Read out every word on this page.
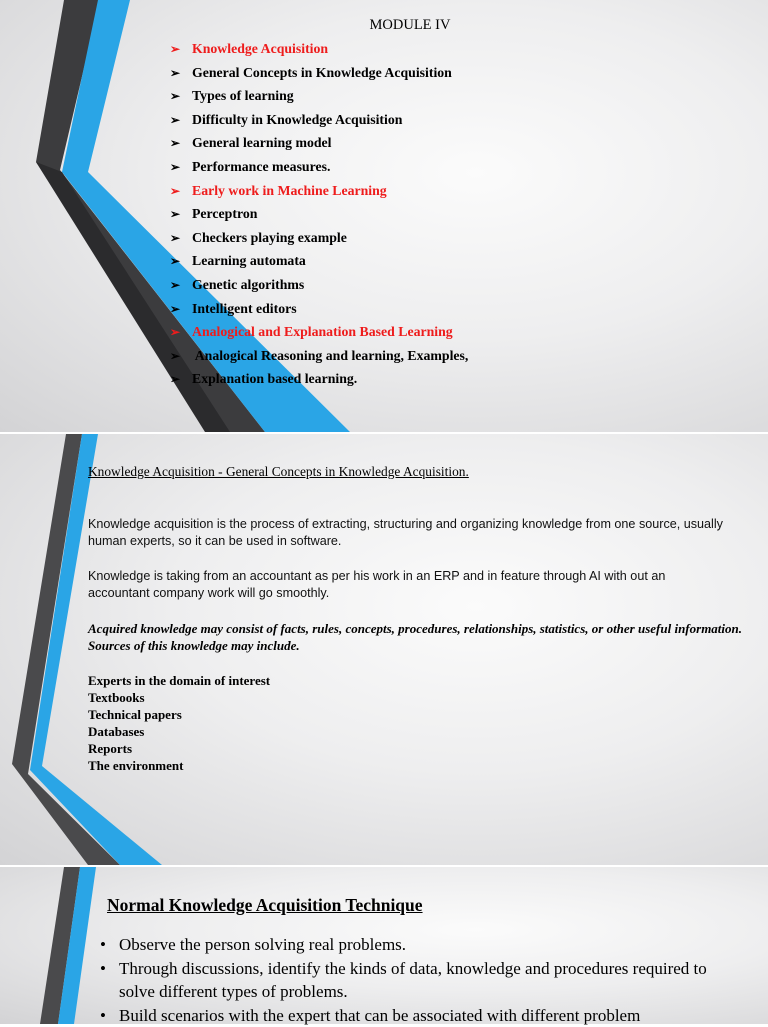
MODULE IV
➢ Knowledge Acquisition
➢ General Concepts in Knowledge Acquisition
➢ Types of learning
➢ Difficulty in Knowledge Acquisition
➢ General learning model
➢ Performance measures.
➢ Early work in Machine Learning
➢ Perceptron
➢ Checkers playing example
➢ Learning automata
➢ Genetic algorithms
➢ Intelligent editors
➢ Analogical and Explanation Based Learning
➢ Analogical Reasoning and learning, Examples,
➢ Explanation based learning.
Knowledge Acquisition - General Concepts in Knowledge Acquisition.
Knowledge acquisition is the process of extracting, structuring and organizing knowledge from one source, usually human experts, so it can be used in software.
Knowledge is taking from an accountant as per his work in an ERP and in feature through AI with out an accountant company work will go smoothly.
Acquired knowledge may consist of facts, rules, concepts, procedures, relationships, statistics, or other useful information. Sources of this knowledge may include.
Experts in the domain of interest
Textbooks
Technical papers
Databases
Reports
The environment
Normal Knowledge Acquisition Technique
• Observe the person solving real problems.
• Through discussions, identify the kinds of data, knowledge and procedures required to solve different types of problems.
• Build scenarios with the expert that can be associated with different problem
